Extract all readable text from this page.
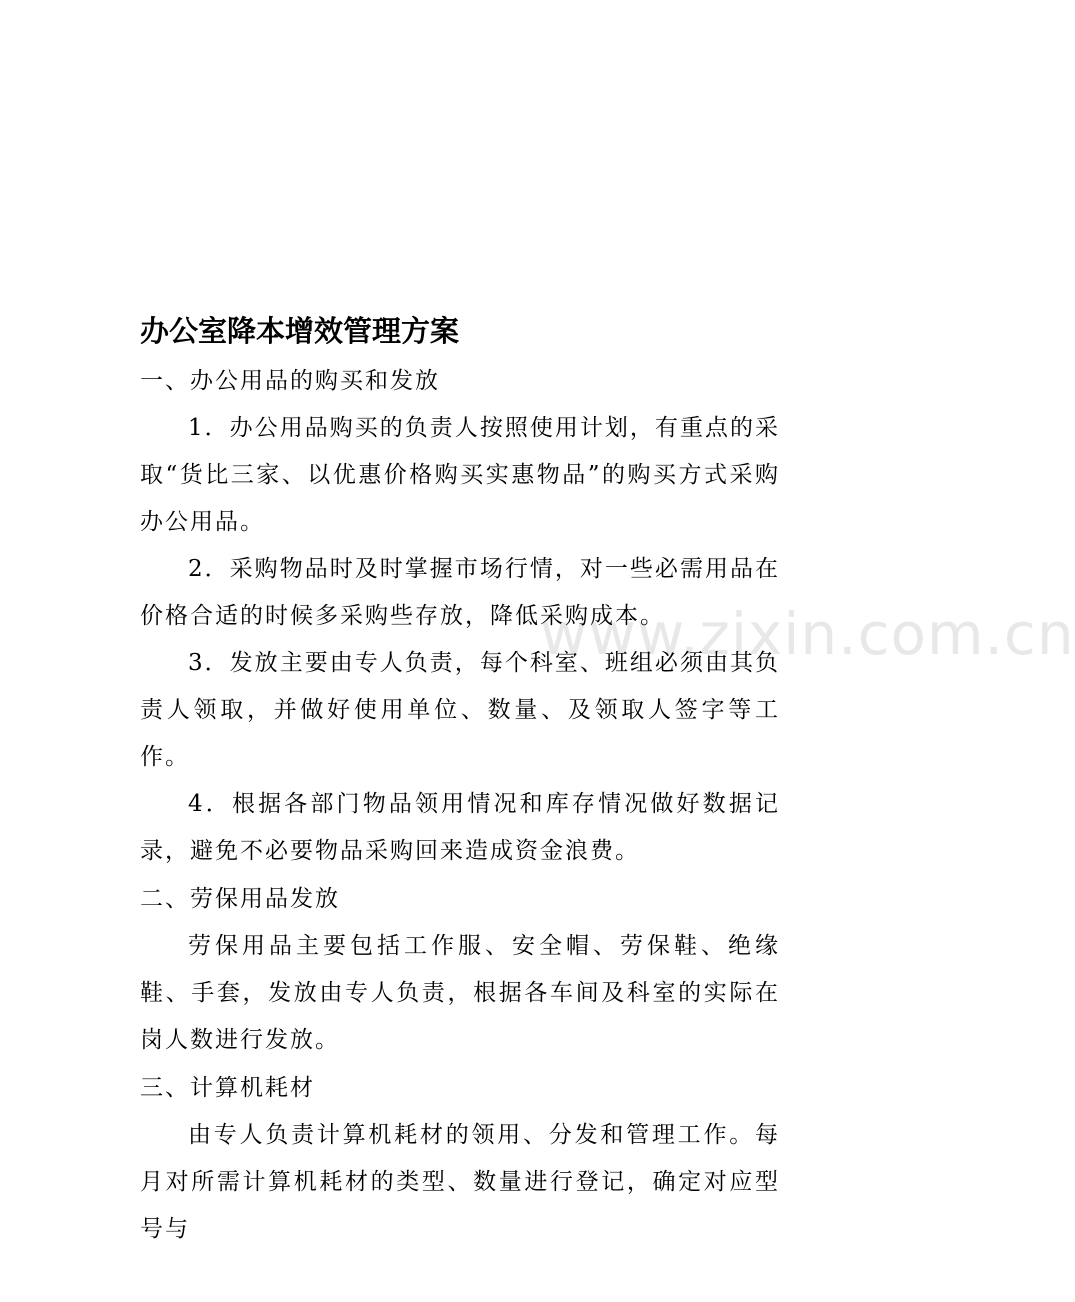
www.zixin.com.cn

办公室降本增效管理方案

一、办公用品的购买和发放

1．办公用品购买的负责人按照使用计划，有重点的采取“货比三家、以优惠价格购买实惠物品”的购买方式采购办公用品。

2．采购物品时及时掌握市场行情，对一些必需用品在价格合适的时候多采购些存放，降低采购成本。

3．发放主要由专人负责，每个科室、班组必须由其负责人领取，并做好使用单位、数量、及领取人签字等工作。

4．根据各部门物品领用情况和库存情况做好数据记录，避免不必要物品采购回来造成资金浪费。

二、劳保用品发放

劳保用品主要包括工作服、安全帽、劳保鞋、绝缘鞋、手套，发放由专人负责，根据各车间及科室的实际在岗人数进行发放。

三、计算机耗材

由专人负责计算机耗材的领用、分发和管理工作。每月对所需计算机耗材的类型、数量进行登记，确定对应型号与
